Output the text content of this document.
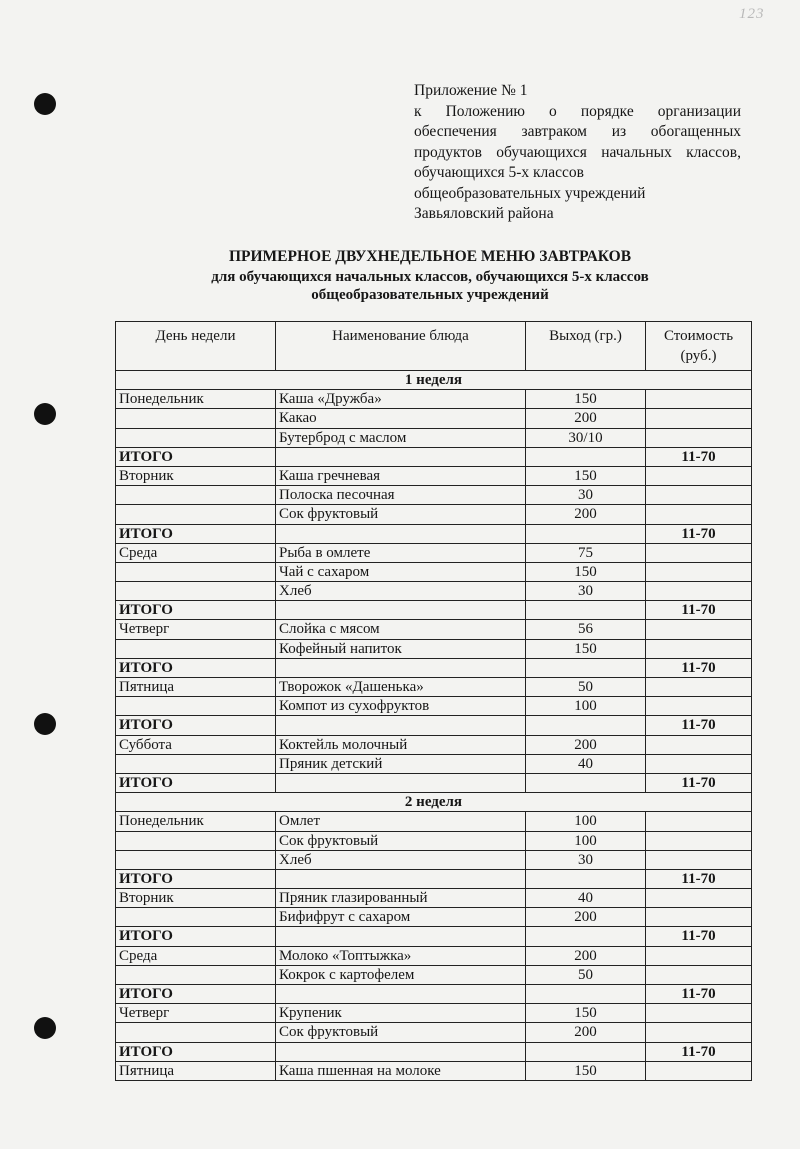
123
Приложение № 1
к Положению о порядке организации
обеспечения завтраком из обогащенных
продуктов обучающихся начальных классов,
обучающихся 5-х классов
общеобразовательных учреждений
Завьяловский района
ПРИМЕРНОЕ ДВУХНЕДЕЛЬНОЕ МЕНЮ ЗАВТРАКОВ
для обучающихся начальных классов, обучающихся 5-х классов
общеобразовательных учреждений
День недели	Наименование блюда	Выход (гр.)	Стоимость (руб.)
1 неделя			
Понедельник	Каша «Дружба»	150	
	Какао	200	
	Бутерброд с маслом	30/10	
ИТОГО			11-70
Вторник	Каша гречневая	150	
	Полоска песочная	30	
	Сок фруктовый	200	
ИТОГО			11-70
Среда	Рыба в омлете	75	
	Чай с сахаром	150	
	Хлеб	30	
ИТОГО			11-70
Четверг	Слойка с мясом	56	
	Кофейный напиток	150	
ИТОГО			11-70
Пятница	Творожок «Дашенька»	50	
	Компот из сухофруктов	100	
ИТОГО			11-70
Суббота	Коктейль молочный	200	
	Пряник детский	40	
ИТОГО			11-70
2 неделя			
Понедельник	Омлет	100	
	Сок фруктовый	100	
	Хлеб	30	
ИТОГО			11-70
Вторник	Пряник глазированный	40	
	Бифифрут с сахаром	200	
ИТОГО			11-70
Среда	Молоко «Топтыжка»	200	
	Кокрок с картофелем	50	
ИТОГО			11-70
Четверг	Крупеник	150	
	Сок фруктовый	200	
ИТОГО			11-70
Пятница	Каша пшенная на молоке	150	
